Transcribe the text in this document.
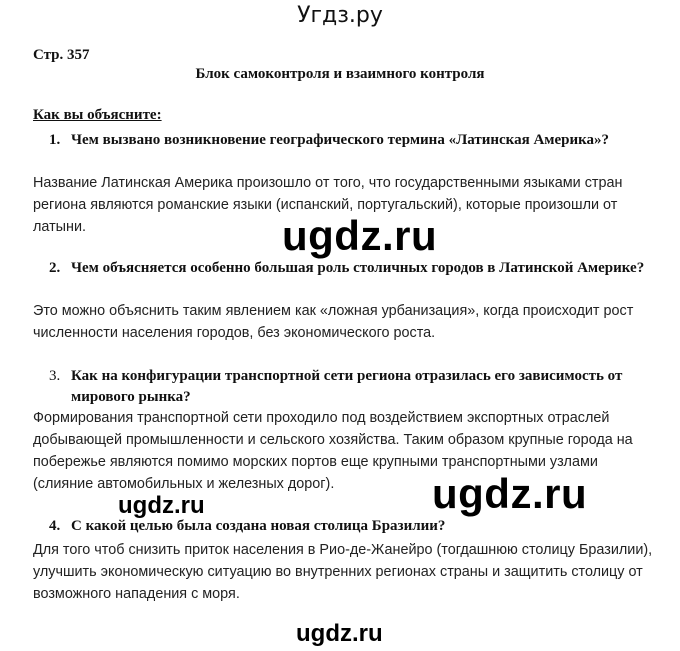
Угдз.ру
Стр. 357
Блок самоконтроля и взаимного контроля
Как вы объясните:
1. Чем вызвано возникновение географического термина «Латинская Америка»?
Название Латинская Америка произошло от того, что государственными языками стран региона являются романские языки (испанский, португальский), которые произошли от латыни.
2. Чем объясняется особенно большая роль столичных городов в Латинской Америке?
Это можно объяснить таким явлением как «ложная урбанизация», когда происходит рост численности населения городов, без экономического роста.
3. Как на конфигурации транспортной сети региона отразилась его зависимость от мирового рынка?
Формирования транспортной сети проходило под воздействием экспортных отраслей добывающей промышленности и сельского хозяйства. Таким образом крупные города на побережье являются помимо морских портов еще крупными транспортными узлами (слияние автомобильных и железных дорог).
4. С какой целью была создана новая столица Бразилии?
Для того чтоб снизить приток населения в Рио-де-Жанейро (тогдашнюю столицу Бразилии), улучшить экономическую ситуацию во внутренних регионах страны и защитить столицу от возможного нападения с моря.
ugdz.ru
ugdz.ru	ugdz.ru
ugdz.ru
